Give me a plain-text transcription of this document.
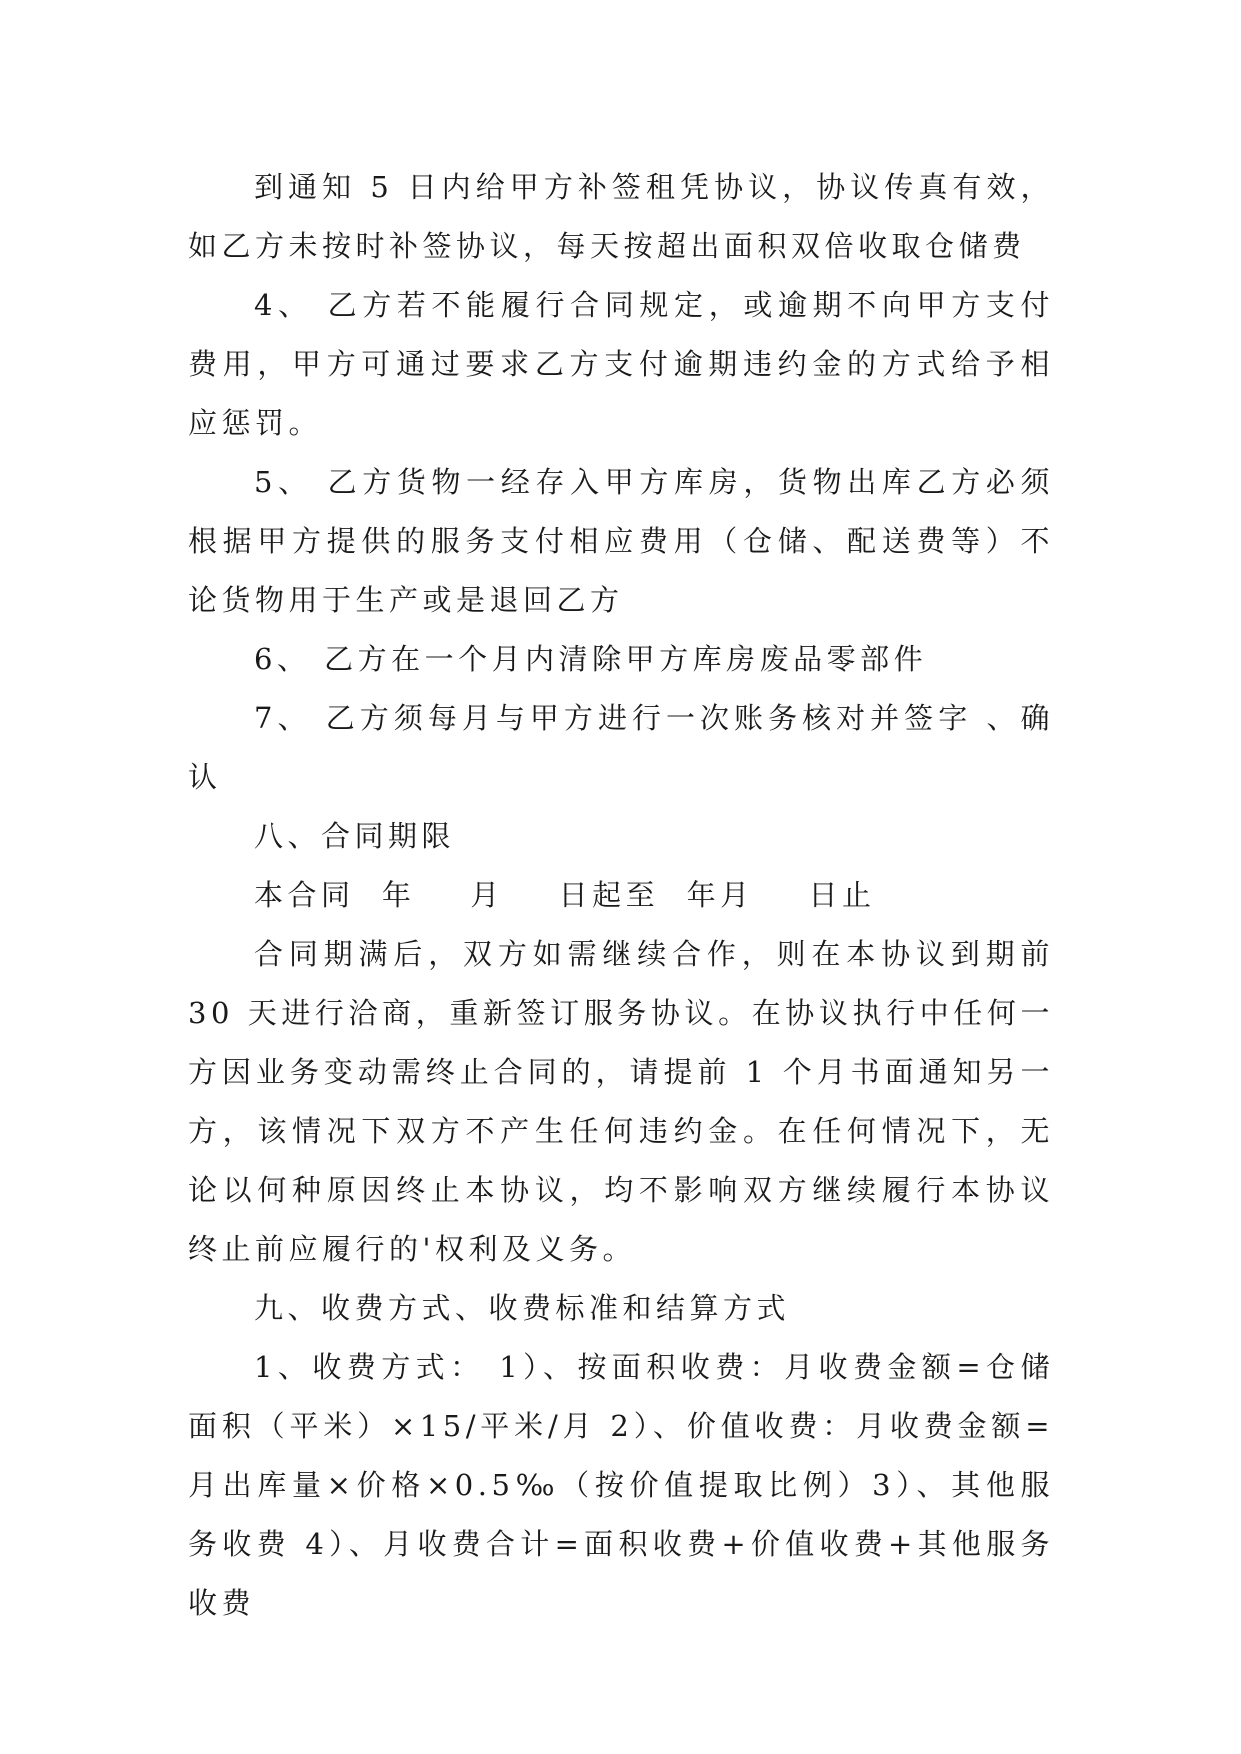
到通知 5 日内给甲方补签租凭协议，协议传真有效，如乙方未按时补签协议，每天按超出面积双倍收取仓储费

4、 乙方若不能履行合同规定，或逾期不向甲方支付费用，甲方可通过要求乙方支付逾期违约金的方式给予相应惩罚。

5、 乙方货物一经存入甲方库房，货物出库乙方必须根据甲方提供的服务支付相应费用（仓储、配送费等）不论货物用于生产或是退回乙方

6、 乙方在一个月内清除甲方库房废品零部件

7、 乙方须每月与甲方进行一次账务核对并签字 、确认

八、合同期限

本合同  年    月    日起至  年月    日止

合同期满后，双方如需继续合作，则在本协议到期前 30 天进行洽商，重新签订服务协议。在协议执行中任何一方因业务变动需终止合同的，请提前 1 个月书面通知另一方，该情况下双方不产生任何违约金。在任何情况下，无论以何种原因终止本协议，均不影响双方继续履行本协议终止前应履行的'权利及义务。

九、收费方式、收费标准和结算方式

1、收费方式： 1）、按面积收费：月收费金额=仓储面积（平米）×15/平米/月 2）、价值收费：月收费金额=月出库量×价格×0.5‰（按价值提取比例）3）、其他服务收费 4）、月收费合计=面积收费+价值收费+其他服务收费
